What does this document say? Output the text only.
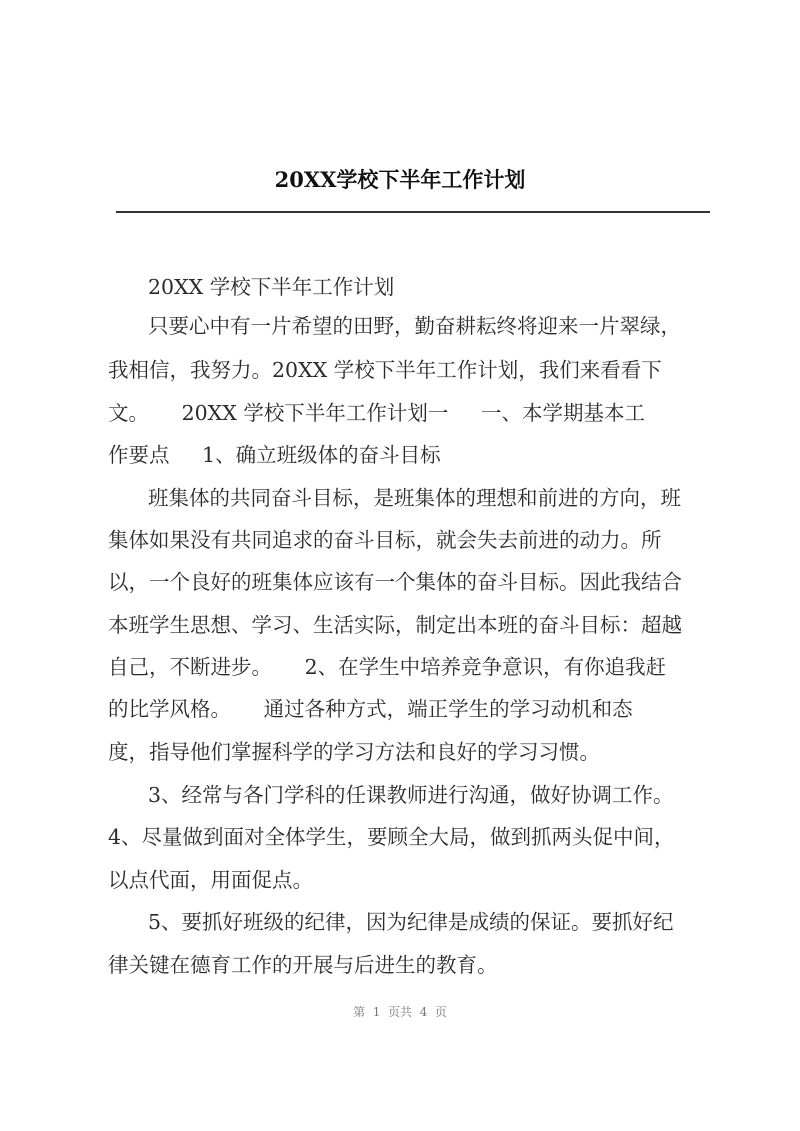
20XX学校下半年工作计划
20XX 学校下半年工作计划
只要心中有一片希望的田野，勤奋耕耘终将迎来一片翠绿，
我相信，我努力。20XX 学校下半年工作计划，我们来看看下
文。     20XX 学校下半年工作计划一     一、本学期基本工
作要点     1、确立班级体的奋斗目标
班集体的共同奋斗目标，是班集体的理想和前进的方向，班
集体如果没有共同追求的奋斗目标，就会失去前进的动力。所
以，一个良好的班集体应该有一个集体的奋斗目标。因此我结合
本班学生思想、学习、生活实际，制定出本班的奋斗目标：超越
自己，不断进步。     2、在学生中培养竞争意识，有你追我赶
的比学风格。     通过各种方式，端正学生的学习动机和态
度，指导他们掌握科学的学习方法和良好的学习习惯。
3、经常与各门学科的任课教师进行沟通，做好协调工作。
4、尽量做到面对全体学生，要顾全大局，做到抓两头促中间，
以点代面，用面促点。
5、要抓好班级的纪律，因为纪律是成绩的保证。要抓好纪
律关键在德育工作的开展与后进生的教育。
第  1  页共  4  页
